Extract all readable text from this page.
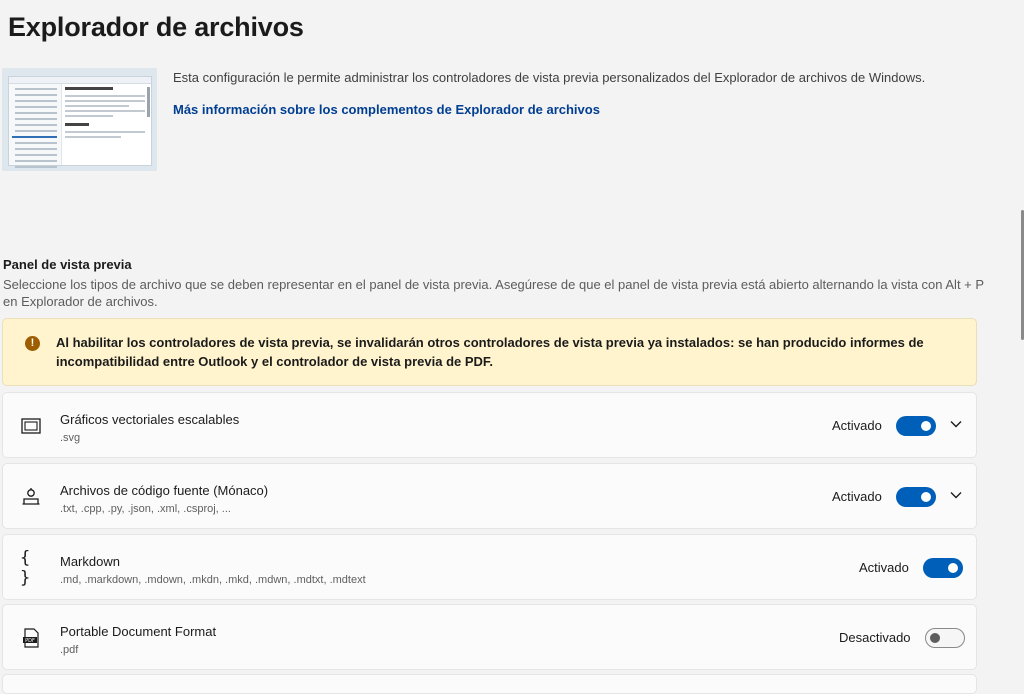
Explorador de archivos
Esta configuración le permite administrar los controladores de vista previa personalizados del Explorador de archivos de Windows.
Más información sobre los complementos de Explorador de archivos
Panel de vista previa
Seleccione los tipos de archivo que se deben representar en el panel de vista previa. Asegúrese de que el panel de vista previa está abierto alternando la vista con Alt + P en Explorador de archivos.
!	Al habilitar los controladores de vista previa, se invalidarán otros controladores de vista previa ya instalados: se han producido informes de incompatibilidad entre Outlook y el controlador de vista previa de PDF.
Gráficos vectoriales escalables
.svg
Activado
Archivos de código fuente (Mónaco)
.txt, .cpp, .py, .json, .xml, .csproj, ...
Activado
{ }
Markdown
.md, .markdown, .mdown, .mkdn, .mkd, .mdwn, .mdtxt, .mdtext
Activado
PDF
Portable Document Format
.pdf
Desactivado
